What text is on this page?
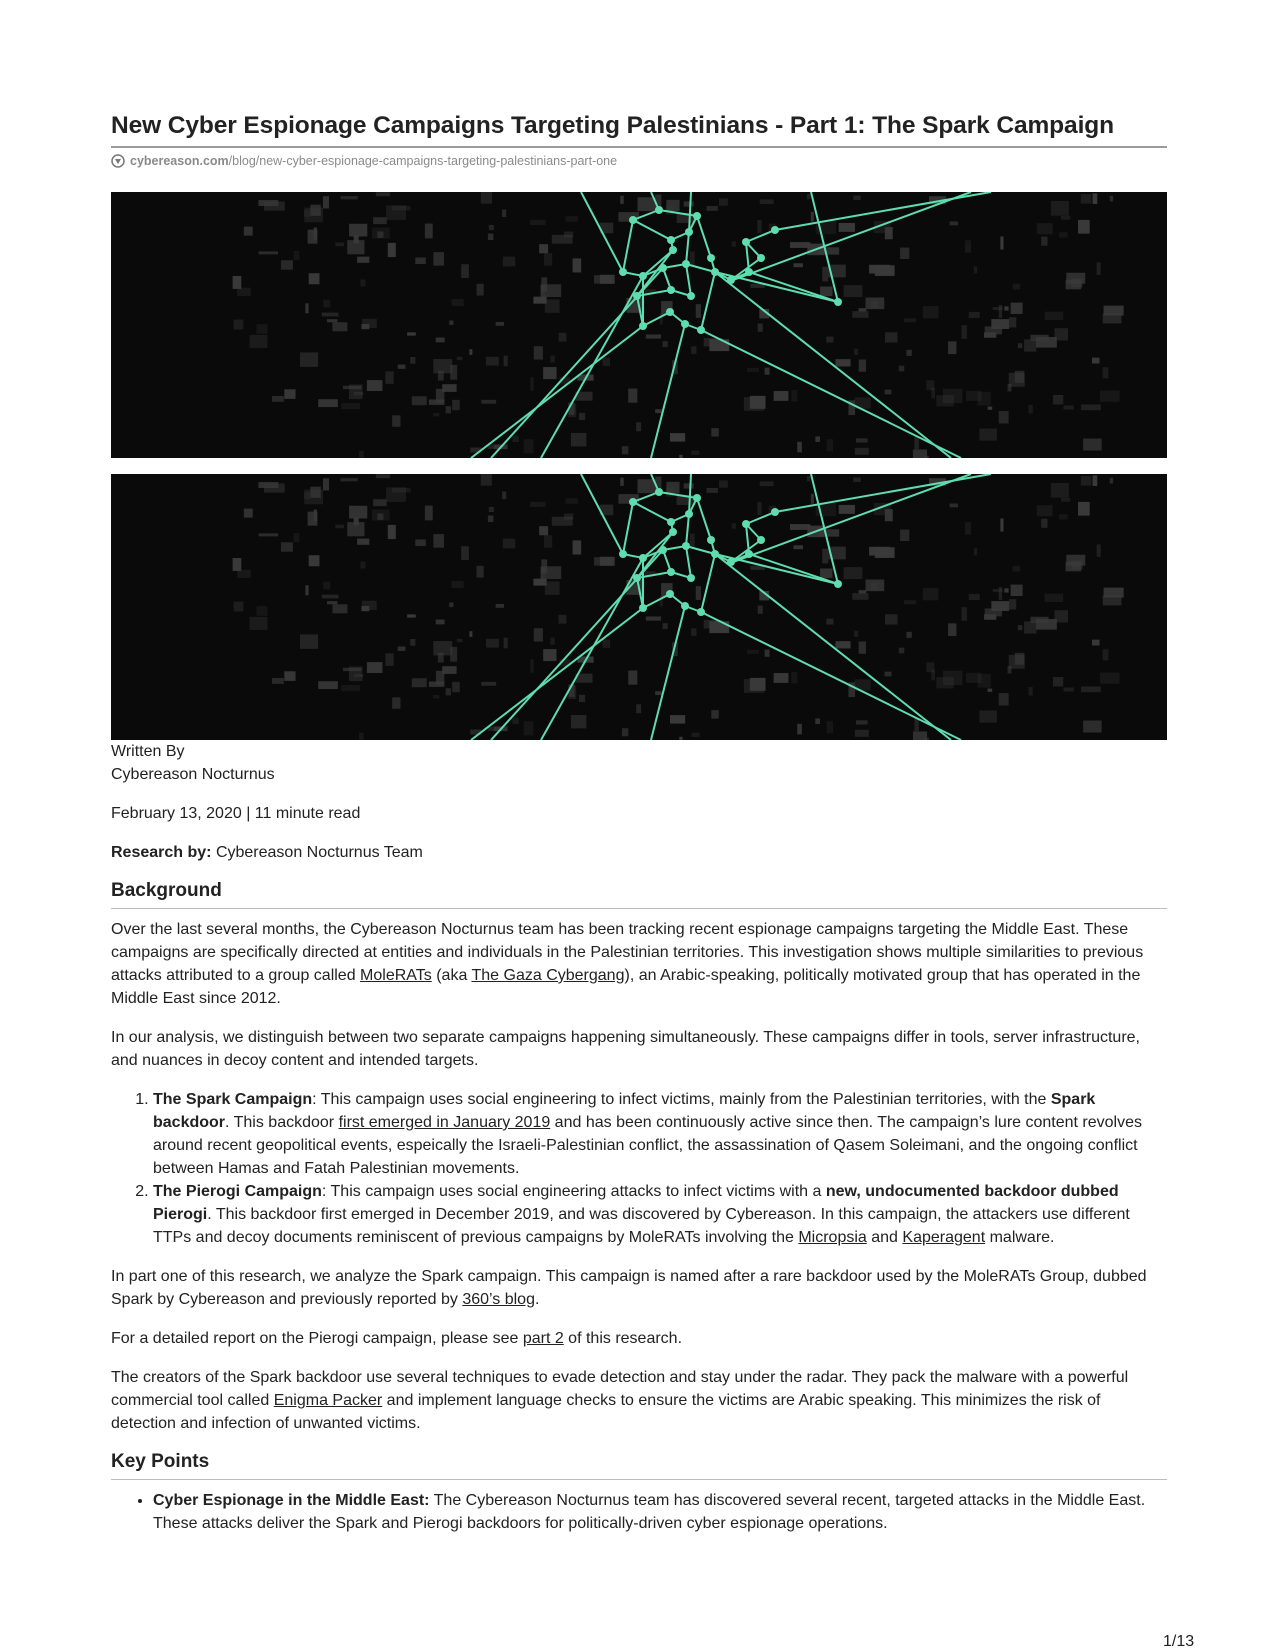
New Cyber Espionage Campaigns Targeting Palestinians - Part 1: The Spark Campaign
cybereason.com/blog/new-cyber-espionage-campaigns-targeting-palestinians-part-one
Written By
Cybereason Nocturnus

February 13, 2020 | 11 minute read

Research by: Cybereason Nocturnus Team

Background

Over the last several months, the Cybereason Nocturnus team has been tracking recent espionage campaigns targeting the Middle East. These campaigns are specifically directed at entities and individuals in the Palestinian territories. This investigation shows multiple similarities to previous attacks attributed to a group called MoleRATs (aka The Gaza Cybergang), an Arabic-speaking, politically motivated group that has operated in the Middle East since 2012.

In our analysis, we distinguish between two separate campaigns happening simultaneously. These campaigns differ in tools, server infrastructure, and nuances in decoy content and intended targets.

1. The Spark Campaign: This campaign uses social engineering to infect victims, mainly from the Palestinian territories, with the Spark backdoor. This backdoor first emerged in January 2019 and has been continuously active since then. The campaign’s lure content revolves around recent geopolitical events, espeically the Israeli-Palestinian conflict, the assassination of Qasem Soleimani, and the ongoing conflict between Hamas and Fatah Palestinian movements.
2. The Pierogi Campaign: This campaign uses social engineering attacks to infect victims with a new, undocumented backdoor dubbed Pierogi. This backdoor first emerged in December 2019, and was discovered by Cybereason. In this campaign, the attackers use different TTPs and decoy documents reminiscent of previous campaigns by MoleRATs involving the Micropsia and Kaperagent malware.

In part one of this research, we analyze the Spark campaign. This campaign is named after a rare backdoor used by the MoleRATs Group, dubbed Spark by Cybereason and previously reported by 360’s blog.

For a detailed report on the Pierogi campaign, please see part 2 of this research.

The creators of the Spark backdoor use several techniques to evade detection and stay under the radar. They pack the malware with a powerful commercial tool called Enigma Packer and implement language checks to ensure the victims are Arabic speaking. This minimizes the risk of detection and infection of unwanted victims.

Key Points
• Cyber Espionage in the Middle East: The Cybereason Nocturnus team has discovered several recent, targeted attacks in the Middle East. These attacks deliver the Spark and Pierogi backdoors for politically-driven cyber espionage operations.
1/13
